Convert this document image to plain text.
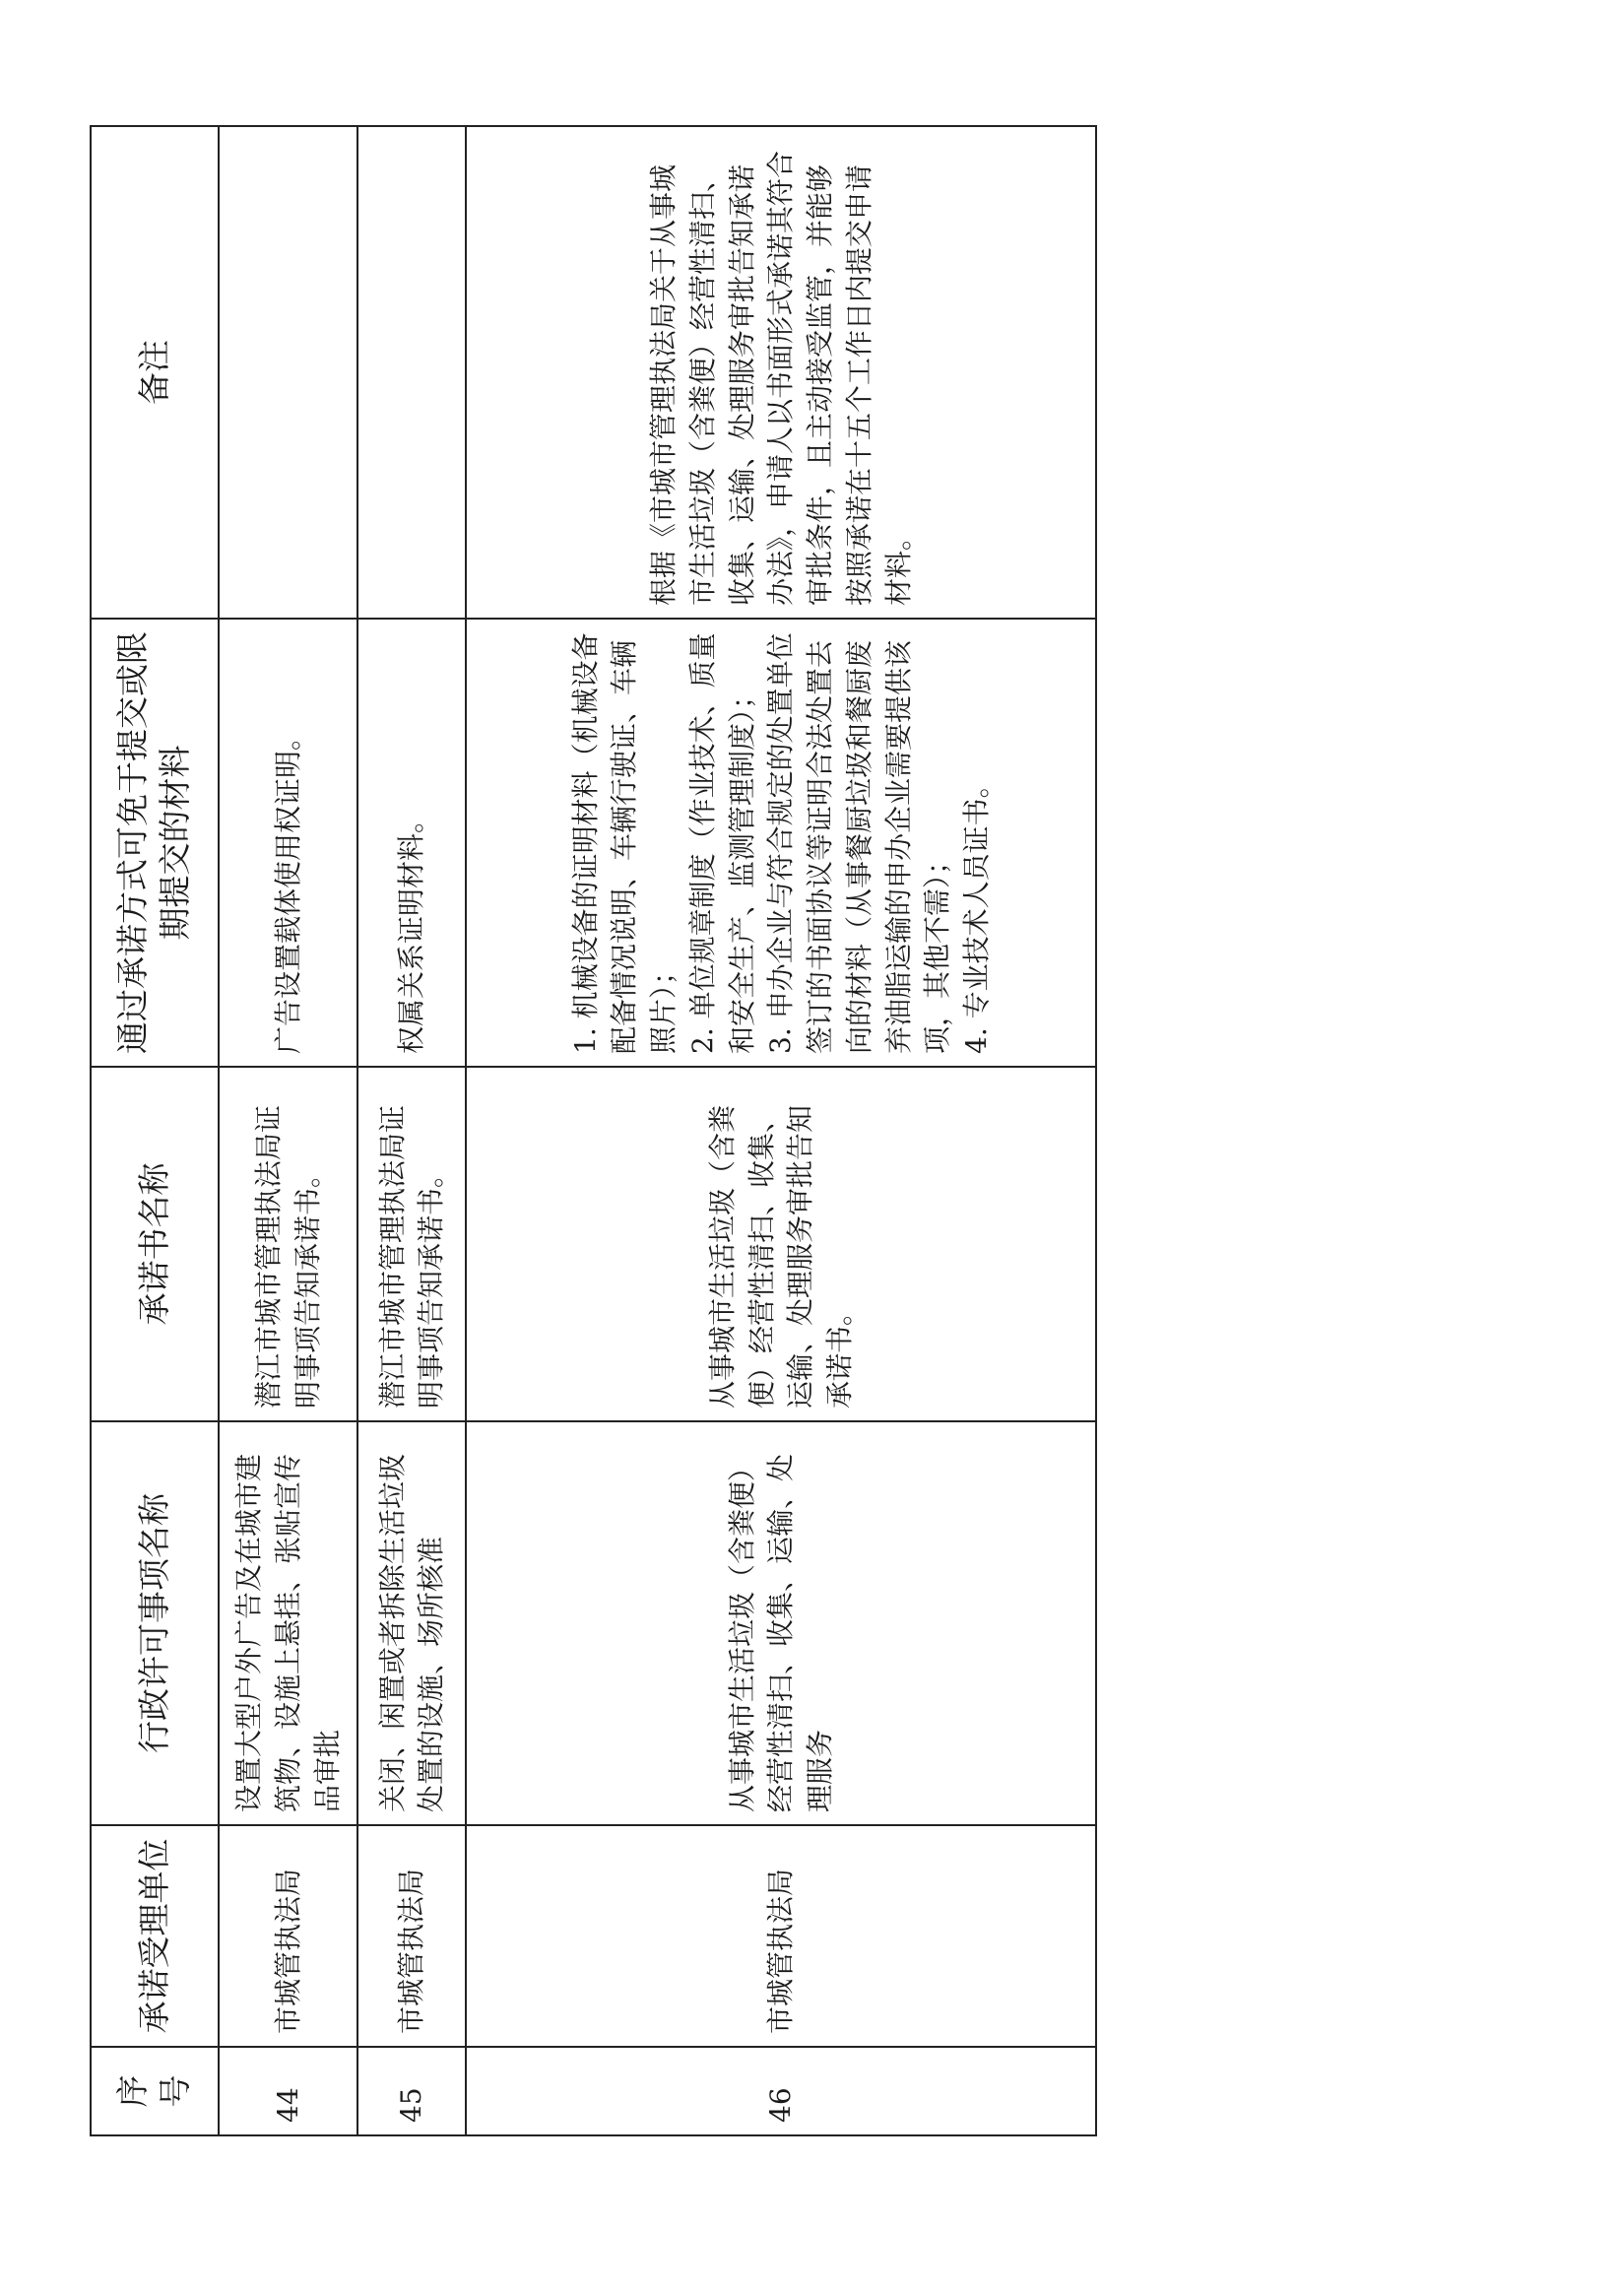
序号	承诺受理单位	行政许可事项名称	承诺书名称	通过承诺方式可免于提交或限期提交的材料	备注
44	市城管执法局	设置大型户外广告及在城市建筑物、设施上悬挂、张贴宣传品审批	潜江市城市管理执法局证明事项告知承诺书。	广告设置载体使用权证明。	

45	市城管执法局	关闭、闲置或者拆除生活垃圾处置的设施、场所核准	潜江市城市管理执法局证明事项告知承诺书。	权属关系证明材料。	

46	市城管执法局	从事城市生活垃圾（含粪便）经营性清扫、收集、运输、处理服务	从事城市生活垃圾（含粪便）经营性清扫、收集、运输、处理服务审批告知承诺书。	1. 机械设备的证明材料（机械设备配备情况说明、车辆行驶证、车辆照片）； 2. 单位规章制度（作业技术、质量和安全生产、监测管理制度）； 3. 申办企业与符合规定的处置单位签订的书面协议等证明合法处置去向的材料（从事餐厨垃圾和餐厨废弃油脂运输的申办企业需要提供该项，其他不需）； 4. 专业技术人员证书。	根据《市城市管理执法局关于从事城市生活垃圾（含粪便）经营性清扫、收集、运输、处理服务审批告知承诺办法》，申请人以书面形式承诺其符合审批条件，且主动接受监管，并能够按照承诺在十五个工作日内提交申请材料。
